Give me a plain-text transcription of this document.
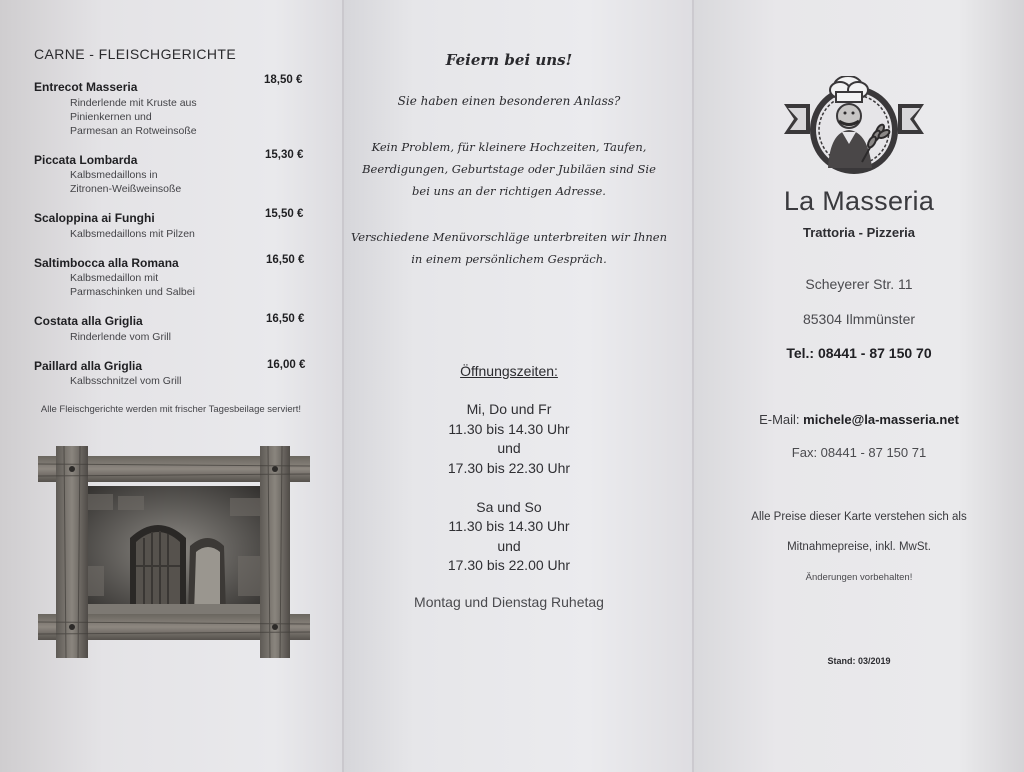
CARNE - FLEISCHGERICHTE
Entrecot Masseria	18,50 €
Rinderlende mit Kruste aus
Pinienkernen und
Parmesan an Rotweinsoße
Piccata Lombarda	15,30 €
Kalbsmedaillons in
Zitronen-Weißweinsoße
Scaloppina ai Funghi	15,50 €
Kalbsmedaillons mit Pilzen
Saltimbocca alla Romana	16,50 €
Kalbsmedaillon mit
Parmaschinken und Salbei
Costata alla Griglia	16,50 €
Rinderlende vom Grill
Paillard alla Griglia	16,00 €
Kalbsschnitzel vom Grill
Alle Fleischgerichte werden mit frischer Tagesbeilage serviert!
Feiern bei uns!
Sie haben einen besonderen Anlass?
Kein Problem, für kleinere Hochzeiten, Taufen,
Beerdigungen, Geburtstage oder Jubiläen sind Sie
bei uns an der richtigen Adresse.
Verschiedene Menüvorschläge unterbreiten wir Ihnen
in einem persönlichem Gespräch.
Öffnungszeiten:
Mi, Do und Fr
11.30 bis 14.30 Uhr
und
17.30 bis 22.30 Uhr
Sa und So
11.30 bis 14.30 Uhr
und
17.30 bis 22.00 Uhr
Montag und Dienstag Ruhetag
La Masseria
Trattoria - Pizzeria
Scheyerer Str. 11
85304 Ilmmünster
Tel.: 08441 - 87 150 70
E-Mail: michele@la-masseria.net
Fax: 08441 - 87 150 71
Alle Preise dieser Karte verstehen sich als
Mitnahmepreise, inkl. MwSt.
Änderungen vorbehalten!
Stand: 03/2019
